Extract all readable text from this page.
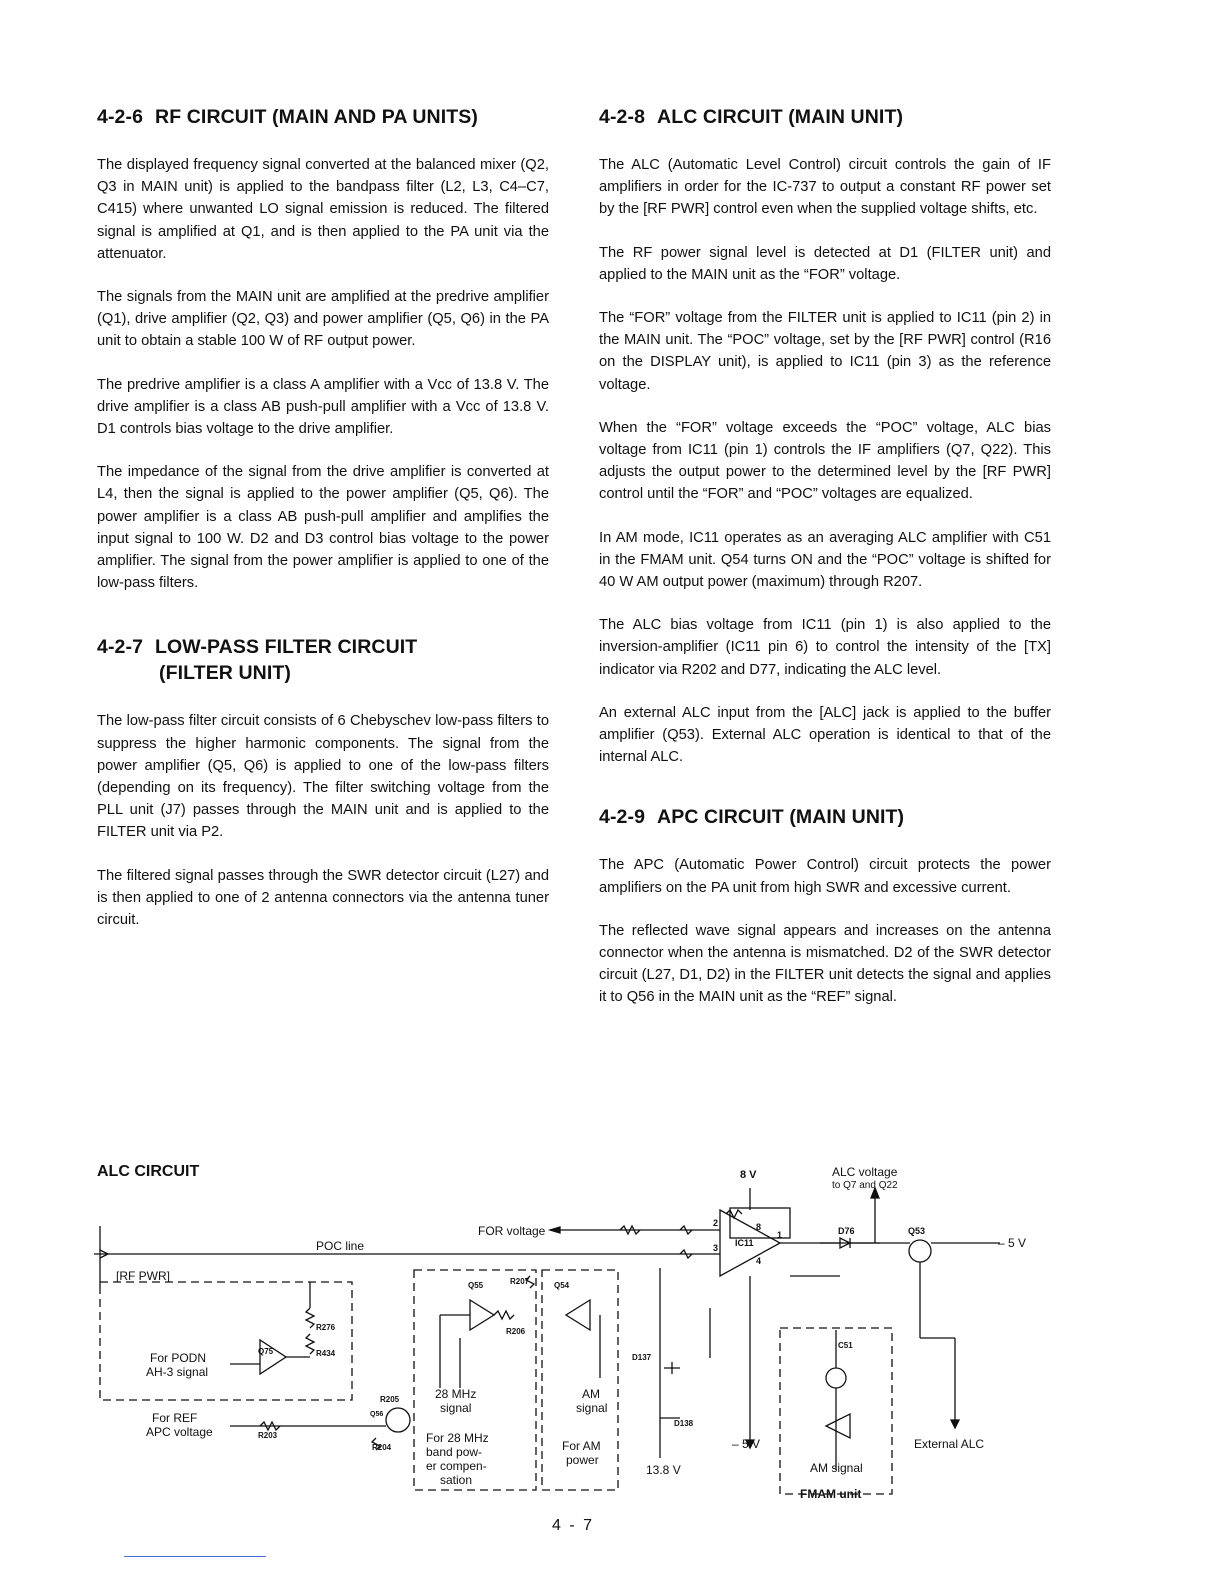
4-2-6 RF CIRCUIT (MAIN AND PA UNITS)

The displayed frequency signal converted at the balanced mixer (Q2, Q3 in MAIN unit) is applied to the bandpass filter (L2, L3, C4–C7, C415) where unwanted LO signal emission is reduced. The filtered signal is amplified at Q1, and is then applied to the PA unit via the attenuator.

The signals from the MAIN unit are amplified at the predrive amplifier (Q1), drive amplifier (Q2, Q3) and power amplifier (Q5, Q6) in the PA unit to obtain a stable 100 W of RF output power.

The predrive amplifier is a class A amplifier with a Vcc of 13.8 V. The drive amplifier is a class AB push-pull amplifier with a Vcc of 13.8 V. D1 controls bias voltage to the drive amplifier.

The impedance of the signal from the drive amplifier is converted at L4, then the signal is applied to the power amplifier (Q5, Q6). The power amplifier is a class AB push-pull amplifier and amplifies the input signal to 100 W. D2 and D3 control bias voltage to the power amplifier. The signal from the power amplifier is applied to one of the low-pass filters.

4-2-7 LOW-PASS FILTER CIRCUIT
(FILTER UNIT)

The low-pass filter circuit consists of 6 Chebyschev low-pass filters to suppress the higher harmonic components. The signal from the power amplifier (Q5, Q6) is applied to one of the low-pass filters (depending on its frequency). The filter switching voltage from the PLL unit (J7) passes through the MAIN unit and is applied to the FILTER unit via P2.

The filtered signal passes through the SWR detector circuit (L27) and is then applied to one of 2 antenna connectors via the antenna tuner circuit.

4-2-8 ALC CIRCUIT (MAIN UNIT)

The ALC (Automatic Level Control) circuit controls the gain of IF amplifiers in order for the IC-737 to output a constant RF power set by the [RF PWR] control even when the supplied voltage shifts, etc.

The RF power signal level is detected at D1 (FILTER unit) and applied to the MAIN unit as the “FOR” voltage.

The “FOR” voltage from the FILTER unit is applied to IC11 (pin 2) in the MAIN unit. The “POC” voltage, set by the [RF PWR] control (R16 on the DISPLAY unit), is applied to IC11 (pin 3) as the reference voltage.

When the “FOR” voltage exceeds the “POC” voltage, ALC bias voltage from IC11 (pin 1) controls the IF amplifiers (Q7, Q22). This adjusts the output power to the determined level by the [RF PWR] control until the “FOR” and “POC” voltages are equalized.

In AM mode, IC11 operates as an averaging ALC amplifier with C51 in the FMAM unit. Q54 turns ON and the “POC” voltage is shifted for 40 W AM output power (maximum) through R207.

The ALC bias voltage from IC11 (pin 1) is also applied to the inversion-amplifier (IC11 pin 6) to control the intensity of the [TX] indicator via R202 and D77, indicating the ALC level.

An external ALC input from the [ALC] jack is applied to the buffer amplifier (Q53). External ALC operation is identical to that of the internal ALC.

4-2-9 APC CIRCUIT (MAIN UNIT)

The APC (Automatic Power Control) circuit protects the power amplifiers on the PA unit from high SWR and excessive current.

The reflected wave signal appears and increases on the antenna connector when the antenna is mismatched. D2 of the SWR detector circuit (L27, D1, D2) in the FILTER unit detects the signal and applies it to Q56 in the MAIN unit as the “REF” signal.

ALC CIRCUIT
[RF PWR]
POC line
FOR voltage
8 V	ALC voltage
to Q7 and Q22
IC11
2
3
8
1
4
D76	Q53
– 5 V
Q55	R207	Q54
R206
R276
R434
Q75
For PODN
AH-3 signal
R205
Q56
28 MHz
signal
AM
signal
For REF
APC voltage	R203
R204
For 28 MHz
band pow-
er compen-
sation
For AM
power
D137
D138
13.8 V
– 5 V
C51
AM signal
FMAM unit
External ALC
4 - 7
